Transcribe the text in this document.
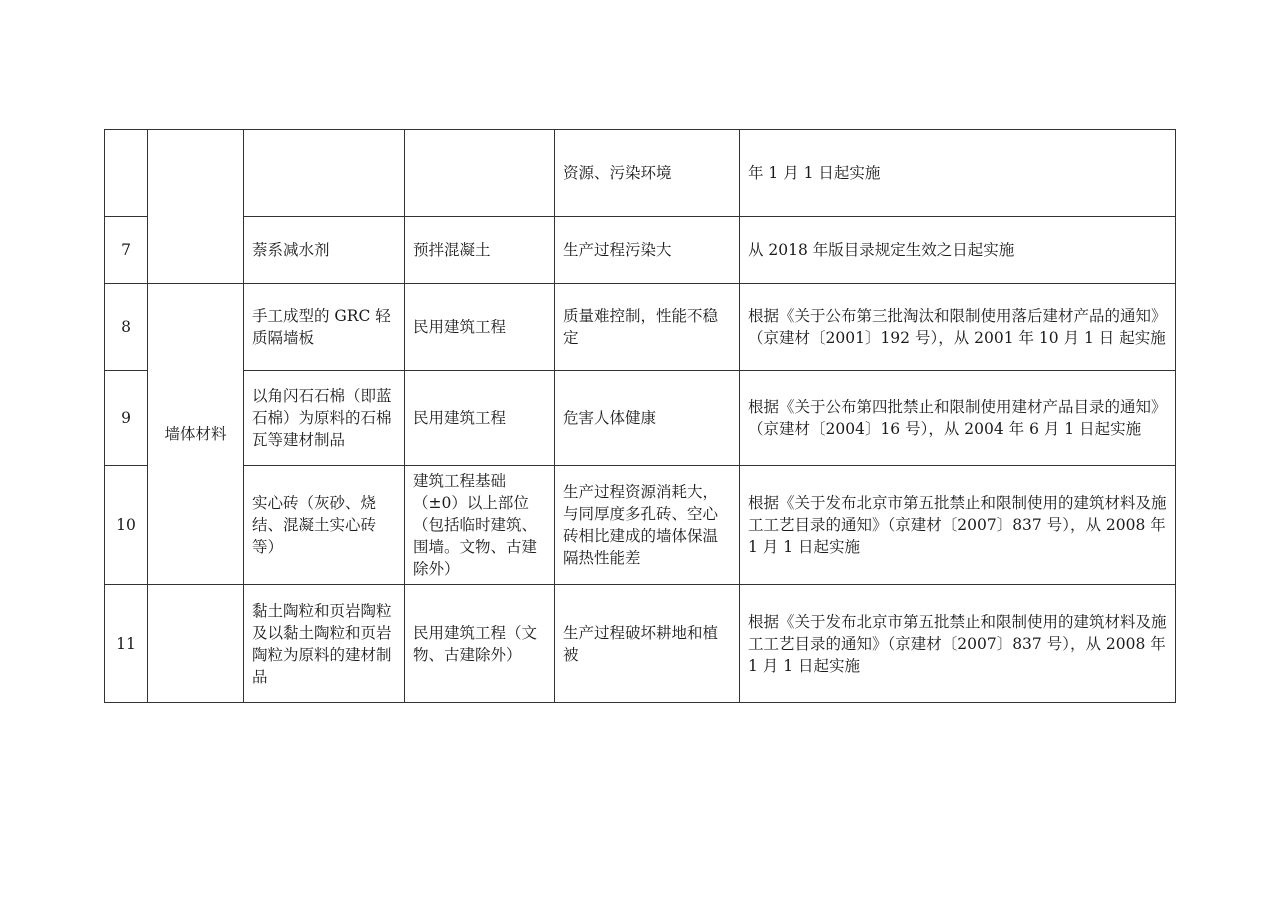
				资源、污染环境	年 1 月 1 日起实施
7		萘系减水剂	预拌混凝土	生产过程污染大	从 2018 年版目录规定生效之日起实施
8	墙体材料	手工成型的 GRC 轻质隔墙板	民用建筑工程	质量难控制，性能不稳定	根据《关于公布第三批淘汰和限制使用落后建材产品的通知》（京建材〔2001〕192 号），从 2001 年 10 月 1 日 起实施
9		以角闪石石棉（即蓝石棉）为原料的石棉瓦等建材制品	民用建筑工程	危害人体健康	根据《关于公布第四批禁止和限制使用建材产品目录的通知》（京建材〔2004〕16 号），从 2004 年 6 月 1 日起实施
10		实心砖（灰砂、烧结、混凝土实心砖等）	建筑工程基础（±0）以上部位（包括临时建筑、围墙。文物、古建除外）	生产过程资源消耗大，与同厚度多孔砖、空心砖相比建成的墙体保温隔热性能差	根据《关于发布北京市第五批禁止和限制使用的建筑材料及施工工艺目录的通知》（京建材〔2007〕837 号），从 2008 年 1 月 1 日起实施
11		黏土陶粒和页岩陶粒及以黏土陶粒和页岩陶粒为原料的建材制品	民用建筑工程（文物、古建除外）	生产过程破坏耕地和植被	根据《关于发布北京市第五批禁止和限制使用的建筑材料及施工工艺目录的通知》（京建材〔2007〕837 号），从 2008 年 1 月 1 日起实施
